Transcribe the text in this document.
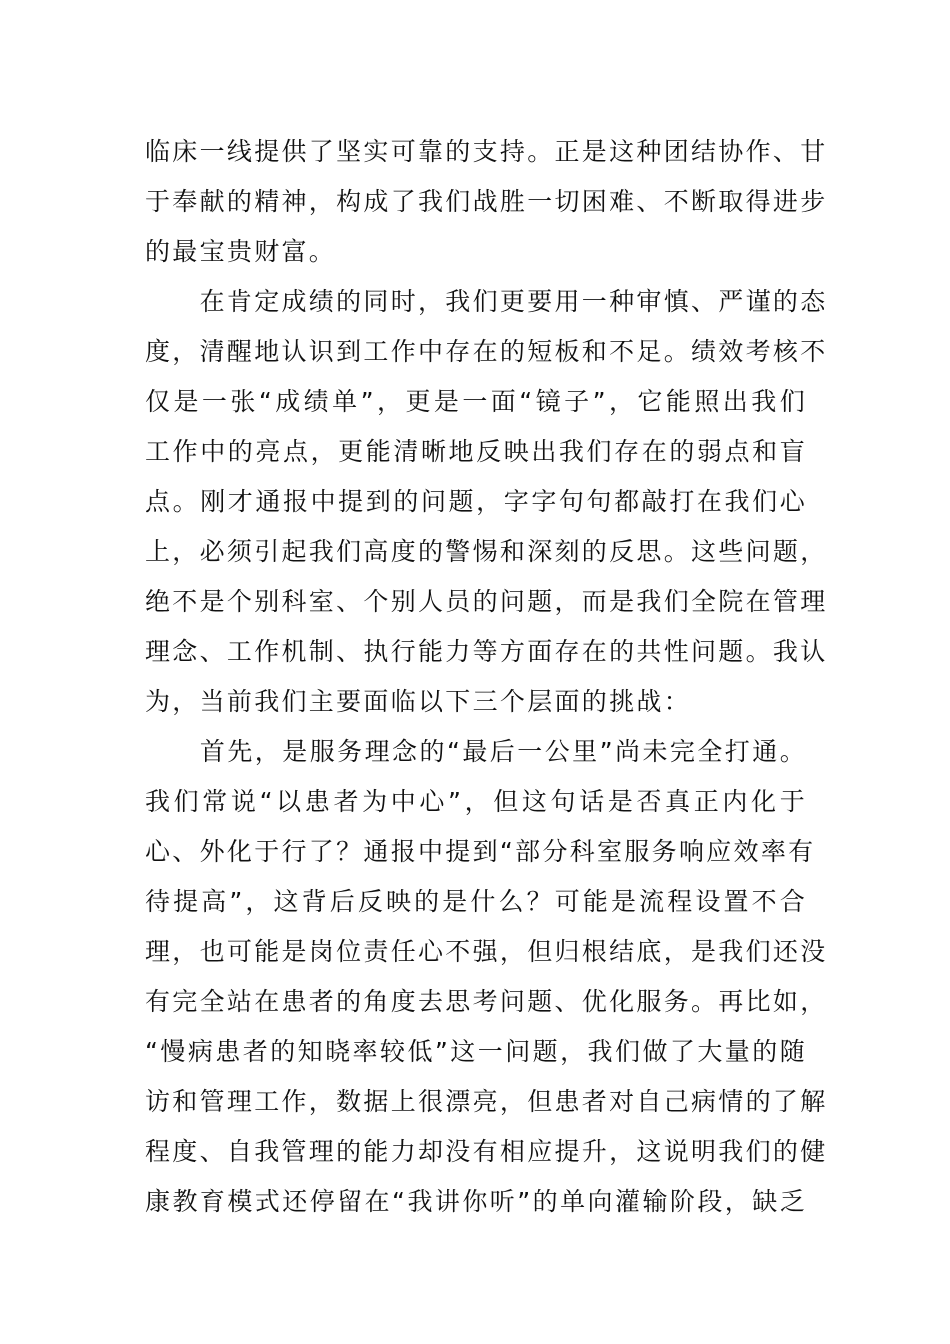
临床一线提供了坚实可靠的支持。正是这种团结协作、甘
于奉献的精神，构成了我们战胜一切困难、不断取得进步
的最宝贵财富。
　　在肯定成绩的同时，我们更要用一种审慎、严谨的态
度，清醒地认识到工作中存在的短板和不足。绩效考核不
仅是一张“成绩单”，更是一面“镜子”，它能照出我们
工作中的亮点，更能清晰地反映出我们存在的弱点和盲
点。刚才通报中提到的问题，字字句句都敲打在我们心
上，必须引起我们高度的警惕和深刻的反思。这些问题，
绝不是个别科室、个别人员的问题，而是我们全院在管理
理念、工作机制、执行能力等方面存在的共性问题。我认
为，当前我们主要面临以下三个层面的挑战：
　　首先，是服务理念的“最后一公里”尚未完全打通。
我们常说“以患者为中心”，但这句话是否真正内化于
心、外化于行了？通报中提到“部分科室服务响应效率有
待提高”，这背后反映的是什么？可能是流程设置不合
理，也可能是岗位责任心不强，但归根结底，是我们还没
有完全站在患者的角度去思考问题、优化服务。再比如，
“慢病患者的知晓率较低”这一问题，我们做了大量的随
访和管理工作，数据上很漂亮，但患者对自己病情的了解
程度、自我管理的能力却没有相应提升，这说明我们的健
康教育模式还停留在“我讲你听”的单向灌输阶段，缺乏
